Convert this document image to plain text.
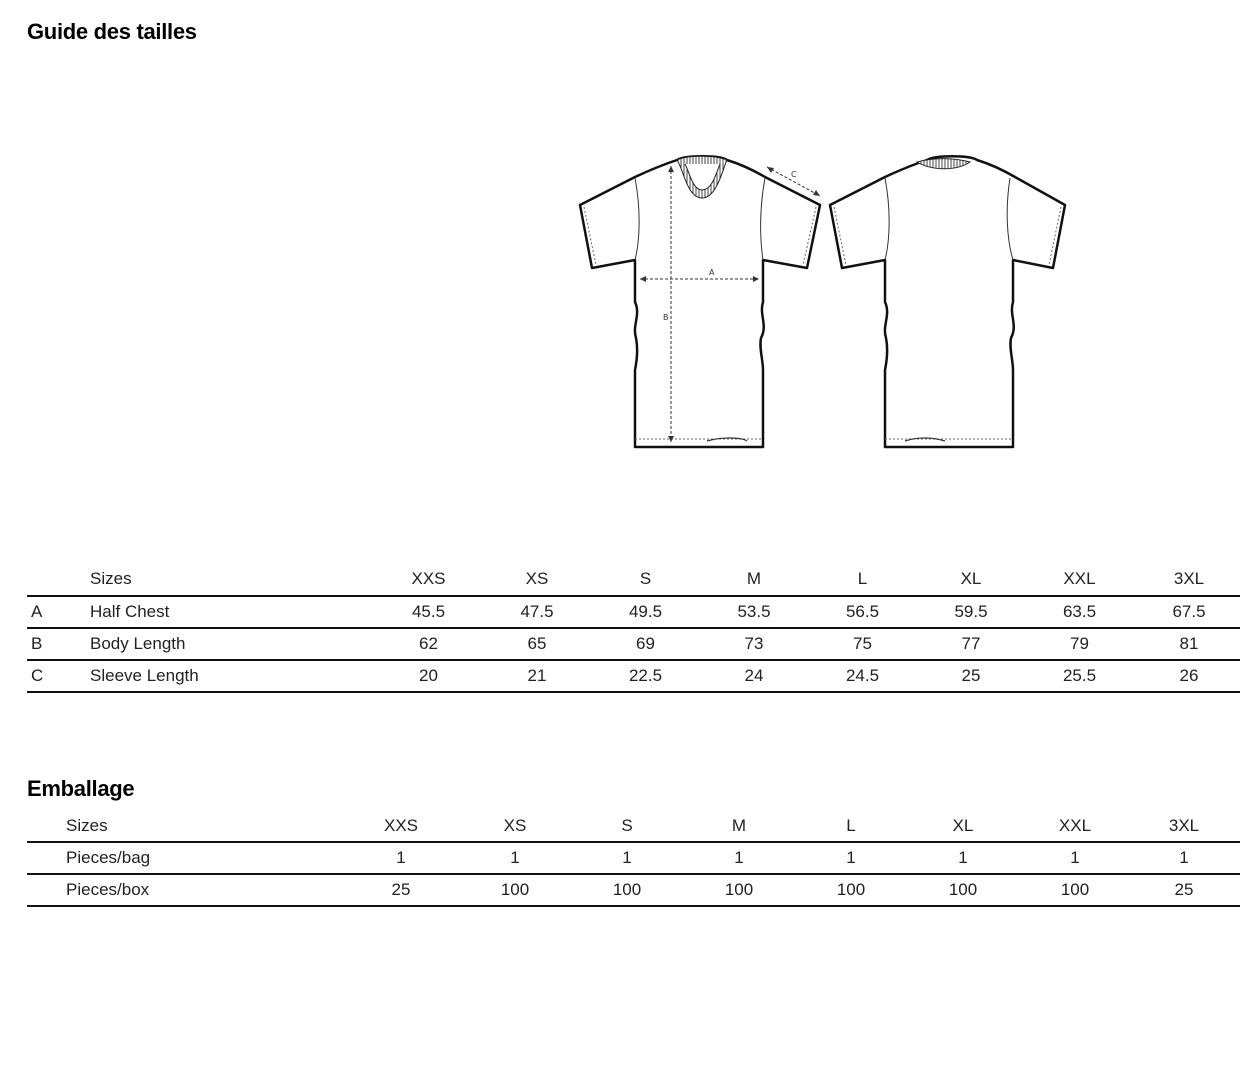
Guide des tailles
A
B
C
	Sizes	XXS	XS	S	M	L	XL	XXL	3XL
A	Half Chest	45.5	47.5	49.5	53.5	56.5	59.5	63.5	67.5
B	Body Length	62	65	69	73	75	77	79	81
C	Sleeve Length	20	21	22.5	24	24.5	25	25.5	26
Emballage
	Sizes	XXS	XS	S	M	L	XL	XXL	3XL
	Pieces/bag	1	1	1	1	1	1	1	1
	Pieces/box	25	100	100	100	100	100	100	25
